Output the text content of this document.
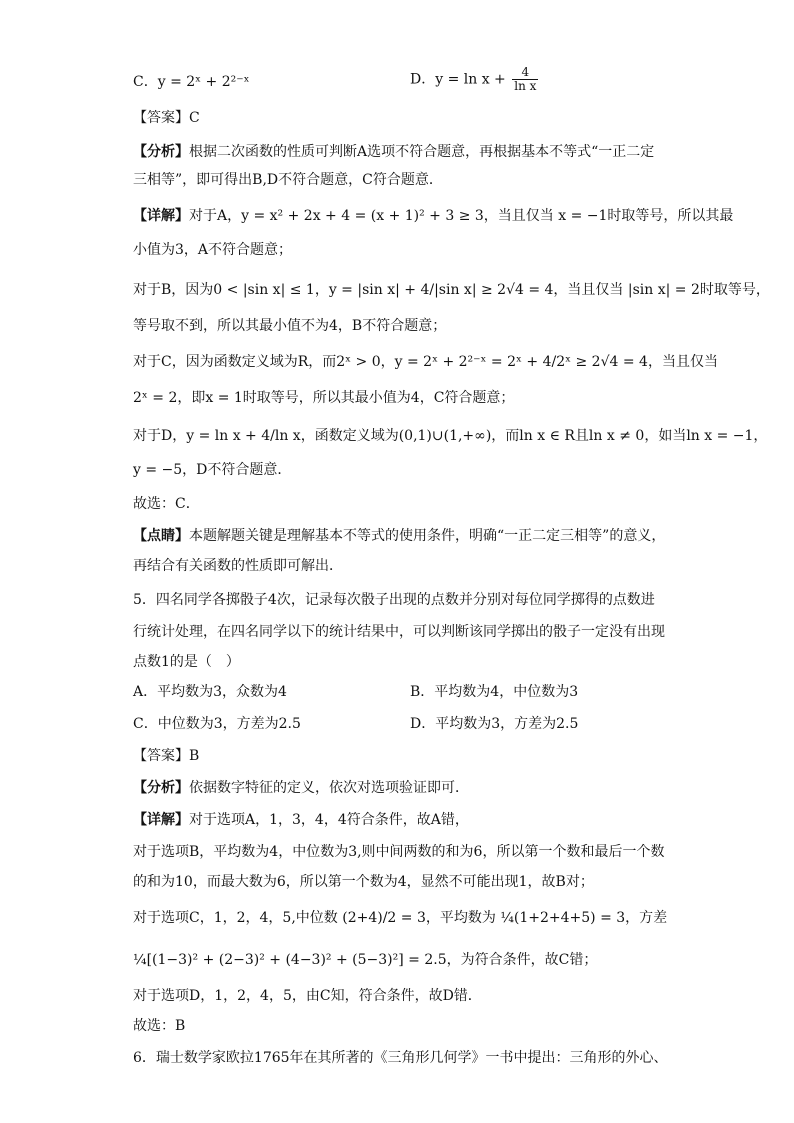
C．y = 2ˣ + 2²⁻ˣ	D．$y = \ln x + \frac{4}{\text{ln x}}$
【答案】C
【分析】根据二次函数的性质可判断A选项不符合题意，再根据基本不等式“一正二定
三相等”，即可得出B,D不符合题意，C符合题意．
【详解】对于A，y = x² + 2x + 4 = (x + 1)² + 3 ≥ 3，当且仅当 x = −1时取等号，所以其最
小值为3，A不符合题意；
对于B，因为0 < |sin x| ≤ 1，y = |sin x| + 4/|sin x| ≥ 2√4 = 4，当且仅当 |sin x| = 2时取等号，
等号取不到，所以其最小值不为4，B不符合题意；
对于C，因为函数定义域为R，而2ˣ > 0，y = 2ˣ + 2²⁻ˣ = 2ˣ + 4/2ˣ ≥ 2√4 = 4，当且仅当
2ˣ = 2，即x = 1时取等号，所以其最小值为4，C符合题意；
对于D，y = ln x + 4/ln x，函数定义域为(0,1)∪(1,+∞)，而ln x ∈ R且ln x ≠ 0，如当ln x = −1，
y = −5，D不符合题意．
故选：C．
【点睛】本题解题关键是理解基本不等式的使用条件，明确“一正二定三相等”的意义，
再结合有关函数的性质即可解出．
5．四名同学各掷骰子4次，记录每次骰子出现的点数并分别对每位同学掷得的点数进
行统计处理，在四名同学以下的统计结果中，可以判断该同学掷出的骰子一定没有出现
点数1的是（　）
A．平均数为3，众数为4	B．平均数为4，中位数为3
C．中位数为3，方差为2.5	D．平均数为3，方差为2.5
【答案】B
【分析】依据数字特征的定义，依次对选项验证即可．
【详解】对于选项A，1，3，4，4符合条件，故A错，
对于选项B，平均数为4，中位数为3,则中间两数的和为6，所以第一个数和最后一个数
的和为10，而最大数为6，所以第一个数为4，显然不可能出现1，故B对；
对于选项C，1，2，4，5,中位数 (2+4)/2 = 3，平均数为 ¼(1+2+4+5) = 3，方差
¼[(1−3)² + (2−3)² + (4−3)² + (5−3)²] = 2.5，为符合条件，故C错；
对于选项D，1，2，4，5，由C知，符合条件，故D错．
故选：B
6．瑞士数学家欧拉1765年在其所著的《三角形几何学》一书中提出：三角形的外心、
